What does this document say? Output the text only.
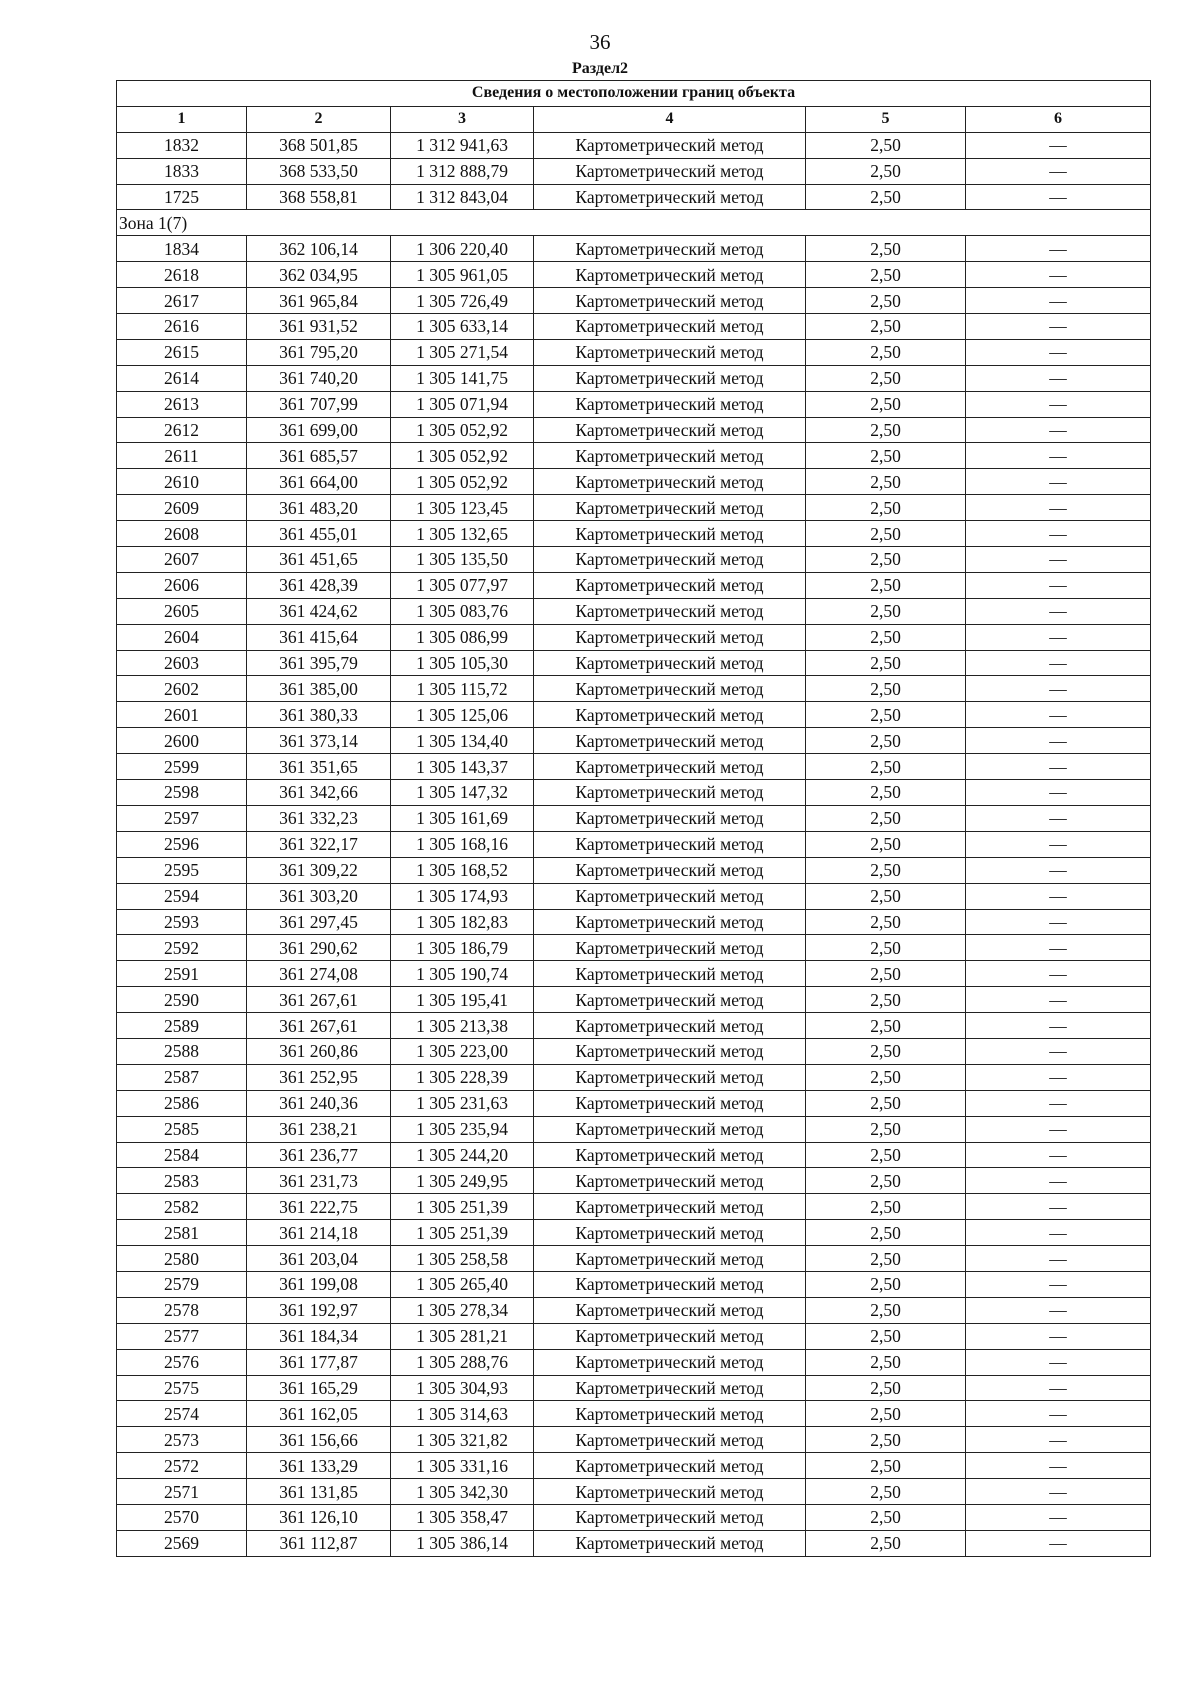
36
Раздел2
Сведения о местоположении границ объекта					
1	2	3	4	5	6
1832	368 501,85	1 312 941,63	Картометрический метод	2,50	—
1833	368 533,50	1 312 888,79	Картометрический метод	2,50	—
1725	368 558,81	1 312 843,04	Картометрический метод	2,50	—
Зона 1(7)					
1834	362 106,14	1 306 220,40	Картометрический метод	2,50	—
2618	362 034,95	1 305 961,05	Картометрический метод	2,50	—
2617	361 965,84	1 305 726,49	Картометрический метод	2,50	—
2616	361 931,52	1 305 633,14	Картометрический метод	2,50	—
2615	361 795,20	1 305 271,54	Картометрический метод	2,50	—
2614	361 740,20	1 305 141,75	Картометрический метод	2,50	—
2613	361 707,99	1 305 071,94	Картометрический метод	2,50	—
2612	361 699,00	1 305 052,92	Картометрический метод	2,50	—
2611	361 685,57	1 305 052,92	Картометрический метод	2,50	—
2610	361 664,00	1 305 052,92	Картометрический метод	2,50	—
2609	361 483,20	1 305 123,45	Картометрический метод	2,50	—
2608	361 455,01	1 305 132,65	Картометрический метод	2,50	—
2607	361 451,65	1 305 135,50	Картометрический метод	2,50	—
2606	361 428,39	1 305 077,97	Картометрический метод	2,50	—
2605	361 424,62	1 305 083,76	Картометрический метод	2,50	—
2604	361 415,64	1 305 086,99	Картометрический метод	2,50	—
2603	361 395,79	1 305 105,30	Картометрический метод	2,50	—
2602	361 385,00	1 305 115,72	Картометрический метод	2,50	—
2601	361 380,33	1 305 125,06	Картометрический метод	2,50	—
2600	361 373,14	1 305 134,40	Картометрический метод	2,50	—
2599	361 351,65	1 305 143,37	Картометрический метод	2,50	—
2598	361 342,66	1 305 147,32	Картометрический метод	2,50	—
2597	361 332,23	1 305 161,69	Картометрический метод	2,50	—
2596	361 322,17	1 305 168,16	Картометрический метод	2,50	—
2595	361 309,22	1 305 168,52	Картометрический метод	2,50	—
2594	361 303,20	1 305 174,93	Картометрический метод	2,50	—
2593	361 297,45	1 305 182,83	Картометрический метод	2,50	—
2592	361 290,62	1 305 186,79	Картометрический метод	2,50	—
2591	361 274,08	1 305 190,74	Картометрический метод	2,50	—
2590	361 267,61	1 305 195,41	Картометрический метод	2,50	—
2589	361 267,61	1 305 213,38	Картометрический метод	2,50	—
2588	361 260,86	1 305 223,00	Картометрический метод	2,50	—
2587	361 252,95	1 305 228,39	Картометрический метод	2,50	—
2586	361 240,36	1 305 231,63	Картометрический метод	2,50	—
2585	361 238,21	1 305 235,94	Картометрический метод	2,50	—
2584	361 236,77	1 305 244,20	Картометрический метод	2,50	—
2583	361 231,73	1 305 249,95	Картометрический метод	2,50	—
2582	361 222,75	1 305 251,39	Картометрический метод	2,50	—
2581	361 214,18	1 305 251,39	Картометрический метод	2,50	—
2580	361 203,04	1 305 258,58	Картометрический метод	2,50	—
2579	361 199,08	1 305 265,40	Картометрический метод	2,50	—
2578	361 192,97	1 305 278,34	Картометрический метод	2,50	—
2577	361 184,34	1 305 281,21	Картометрический метод	2,50	—
2576	361 177,87	1 305 288,76	Картометрический метод	2,50	—
2575	361 165,29	1 305 304,93	Картометрический метод	2,50	—
2574	361 162,05	1 305 314,63	Картометрический метод	2,50	—
2573	361 156,66	1 305 321,82	Картометрический метод	2,50	—
2572	361 133,29	1 305 331,16	Картометрический метод	2,50	—
2571	361 131,85	1 305 342,30	Картометрический метод	2,50	—
2570	361 126,10	1 305 358,47	Картометрический метод	2,50	—
2569	361 112,87	1 305 386,14	Картометрический метод	2,50	—
